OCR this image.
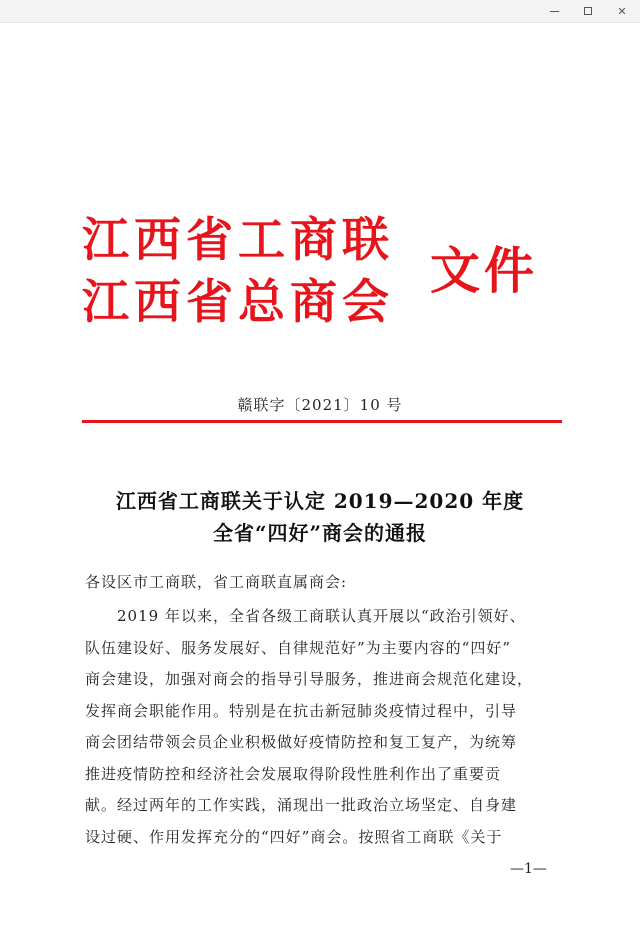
✕
江西省工商联
江西省总商会
文件
赣联字〔2021〕10 号
江西省工商联关于认定 2019—2020 年度
全省“四好”商会的通报
各设区市工商联，省工商联直属商会:
　　2019 年以来，全省各级工商联认真开展以“政治引领好、
队伍建设好、服务发展好、自律规范好”为主要内容的“四好”
商会建设，加强对商会的指导引导服务，推进商会规范化建设，
发挥商会职能作用。特别是在抗击新冠肺炎疫情过程中，引导
商会团结带领会员企业积极做好疫情防控和复工复产，为统筹
推进疫情防控和经济社会发展取得阶段性胜利作出了重要贡
献。经过两年的工作实践，涌现出一批政治立场坚定、自身建
设过硬、作用发挥充分的“四好”商会。按照省工商联《关于
—1—
